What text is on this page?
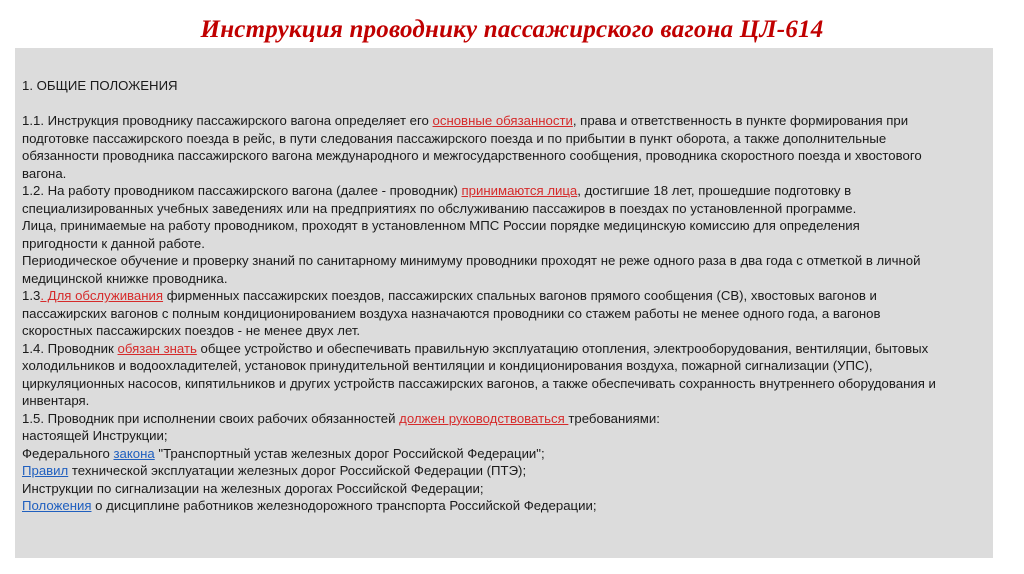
Инструкция проводнику пассажирского вагона ЦЛ-614
1. ОБЩИЕ ПОЛОЖЕНИЯ
1.1. Инструкция проводнику пассажирского вагона определяет его основные обязанности, права и ответственность в пункте формирования при
подготовке пассажирского поезда в рейс, в пути следования пассажирского поезда и по прибытии в пункт оборота, а также дополнительные
обязанности проводника пассажирского вагона международного и межгосударственного сообщения, проводника скоростного поезда и хвостового
вагона.
1.2. На работу проводником пассажирского вагона (далее - проводник) принимаются лица, достигшие 18 лет, прошедшие подготовку в
специализированных учебных заведениях или на предприятиях по обслуживанию пассажиров в поездах по установленной программе.
Лица, принимаемые на работу проводником, проходят в установленном МПС России порядке медицинскую комиссию для определения
пригодности к данной работе.
Периодическое обучение и проверку знаний по санитарному минимуму проводники проходят не реже одного раза в два года с отметкой в личной
медицинской книжке проводника.
1.3. Для обслуживания фирменных пассажирских поездов, пассажирских спальных вагонов прямого сообщения (СВ), хвостовых вагонов и
пассажирских вагонов с полным кондиционированием воздуха назначаются проводники со стажем работы не менее одного года, а вагонов
скоростных пассажирских поездов - не менее двух лет.
1.4. Проводник обязан знать общее устройство и обеспечивать правильную эксплуатацию отопления, электрооборудования, вентиляции, бытовых
холодильников и водоохладителей, установок принудительной вентиляции и кондиционирования воздуха, пожарной сигнализации (УПС),
циркуляционных насосов, кипятильников и других устройств пассажирских вагонов, а также обеспечивать сохранность внутреннего оборудования и
инвентаря.
1.5. Проводник при исполнении своих рабочих обязанностей должен руководствоваться требованиями:
настоящей Инструкции;
Федерального закона "Транспортный устав железных дорог Российской Федерации";
Правил технической эксплуатации железных дорог Российской Федерации (ПТЭ);
Инструкции по сигнализации на железных дорогах Российской Федерации;
Положения о дисциплине работников железнодорожного транспорта Российской Федерации;
